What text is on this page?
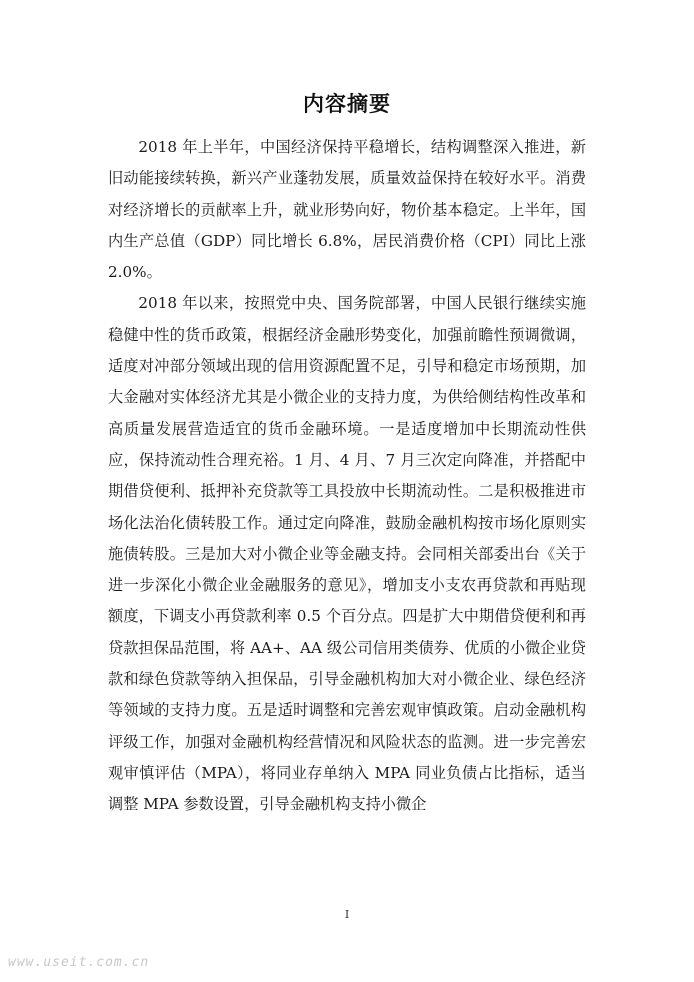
内容摘要

2018 年上半年，中国经济保持平稳增长，结构调整深入推进，新旧动能接续转换，新兴产业蓬勃发展，质量效益保持在较好水平。消费对经济增长的贡献率上升，就业形势向好，物价基本稳定。上半年，国内生产总值（GDP）同比增长 6.8%，居民消费价格（CPI）同比上涨 2.0%。

2018 年以来，按照党中央、国务院部署，中国人民银行继续实施稳健中性的货币政策，根据经济金融形势变化，加强前瞻性预调微调，适度对冲部分领域出现的信用资源配置不足，引导和稳定市场预期，加大金融对实体经济尤其是小微企业的支持力度，为供给侧结构性改革和高质量发展营造适宜的货币金融环境。一是适度增加中长期流动性供应，保持流动性合理充裕。1 月、4 月、7 月三次定向降准，并搭配中期借贷便利、抵押补充贷款等工具投放中长期流动性。二是积极推进市场化法治化债转股工作。通过定向降准，鼓励金融机构按市场化原则实施债转股。三是加大对小微企业等金融支持。会同相关部委出台《关于进一步深化小微企业金融服务的意见》，增加支小支农再贷款和再贴现额度，下调支小再贷款利率 0.5 个百分点。四是扩大中期借贷便利和再贷款担保品范围，将 AA+、AA 级公司信用类债券、优质的小微企业贷款和绿色贷款等纳入担保品，引导金融机构加大对小微企业、绿色经济等领域的支持力度。五是适时调整和完善宏观审慎政策。启动金融机构评级工作，加强对金融机构经营情况和风险状态的监测。进一步完善宏观审慎评估（MPA），将同业存单纳入 MPA 同业负债占比指标，适当调整 MPA 参数设置，引导金融机构支持小微企

I
www.useit.com.cn
